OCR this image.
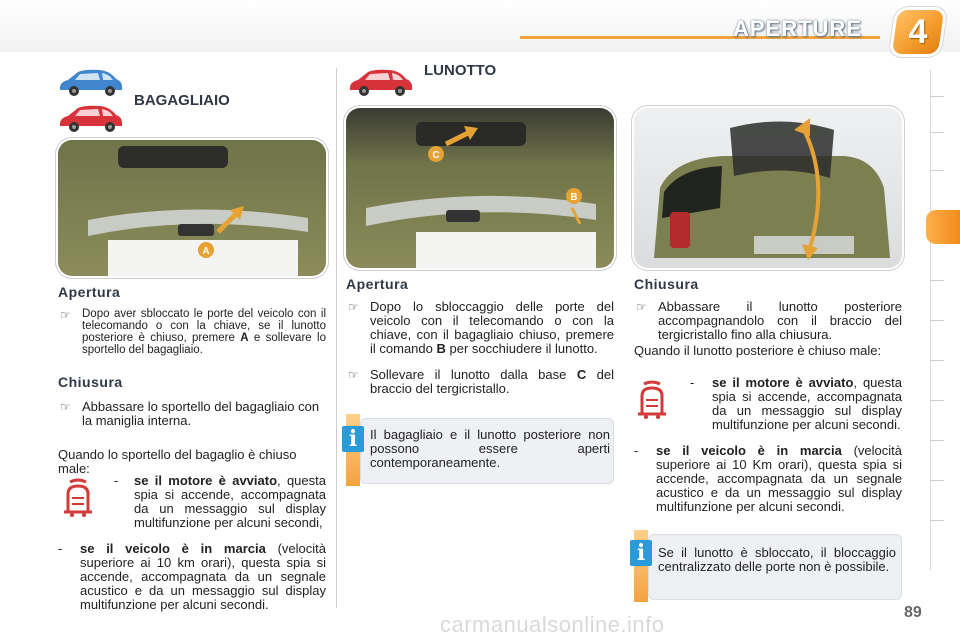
APERTURE	4
BAGAGLIAIO
A
Apertura
☞ Dopo aver sbloccato le porte del veicolo con il telecomando o con la chiave, se il lunotto posteriore è chiuso, premere A e sollevare lo sportello del bagagliaio.
Chiusura
☞ Abbassare lo sportello del bagagliaio con la maniglia interna.
Quando lo sportello del bagaglio è chiuso male:
- se il motore è avviato, questa spia si accende, accompagnata da un messaggio sul display multifunzione per alcuni secondi,
- se il veicolo è in marcia (velocità superiore ai 10 km orari), questa spia si accende, accompagnata da un segnale acustico e da un messaggio sul display multifunzione per alcuni secondi.
LUNOTTO
C
B
Apertura
☞ Dopo lo sbloccaggio delle porte del veicolo con il telecomando o con la chiave, con il bagagliaio chiuso, premere il comando B per socchiudere il lunotto.
☞ Sollevare il lunotto dalla base C del braccio del tergicristallo.
i Il bagagliaio e il lunotto posteriore non possono essere aperti contemporaneamente.
Chiusura
☞ Abbassare il lunotto posteriore accompagnandolo con il braccio del tergicristallo fino alla chiusura.
Quando il lunotto posteriore è chiuso male:
- se il motore è avviato, questa spia si accende, accompagnata da un messaggio sul display multifunzione per alcuni secondi.
- se il veicolo è in marcia (velocità superiore ai 10 Km orari), questa spia si accende, accompagnata da un segnale acustico e da un messaggio sul display multifunzione per alcuni secondi.
i Se il lunotto è sbloccato, il bloccaggio centralizzato delle porte non è possibile.
89
carmanualsonline.info
